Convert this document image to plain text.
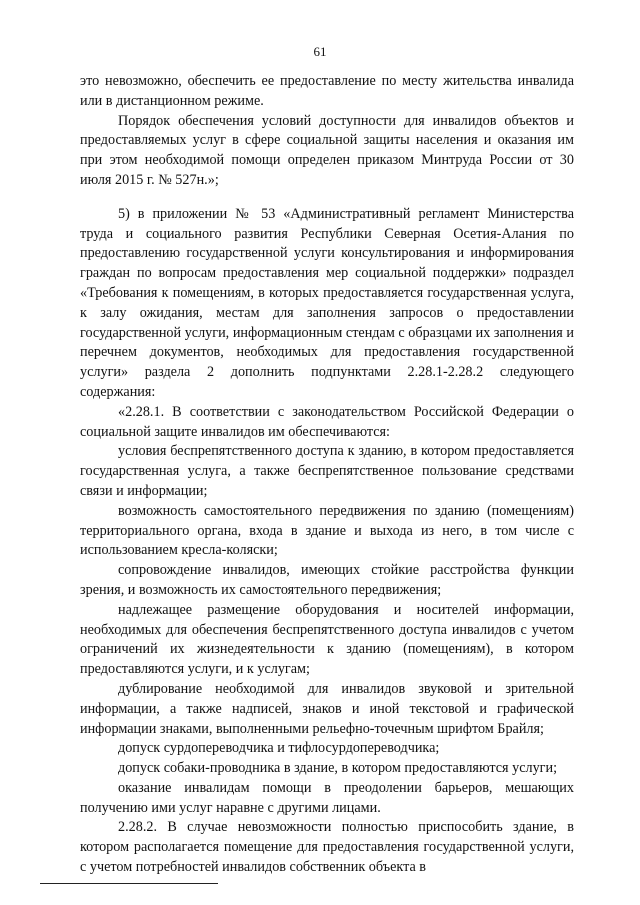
61

это невозможно, обеспечить ее предоставление по месту жительства инвалида или в дистанционном режиме.

Порядок обеспечения условий доступности для инвалидов объектов и предоставляемых услуг в сфере социальной защиты населения и оказания им при этом необходимой помощи определен приказом Минтруда России от 30 июля 2015 г. № 527н.»;

5) в приложении № 53 «Административный регламент Министерства труда и социального развития Республики Северная Осетия-Алания по предоставлению государственной услуги консультирования и информирования граждан по вопросам предоставления мер социальной поддержки» подраздел «Требования к помещениям, в которых предоставляется государственная услуга, к залу ожидания, местам для заполнения запросов о предоставлении государственной услуги, информационным стендам с образцами их заполнения и перечнем документов, необходимых для предоставления государственной услуги» раздела 2 дополнить подпунктами 2.28.1-2.28.2 следующего содержания:

«2.28.1. В соответствии с законодательством Российской Федерации о социальной защите инвалидов им обеспечиваются:

условия беспрепятственного доступа к зданию, в котором предоставляется государственная услуга, а также беспрепятственное пользование средствами связи и информации;

возможность самостоятельного передвижения по зданию (помещениям) территориального органа, входа в здание и выхода из него, в том числе с использованием кресла-коляски;

сопровождение инвалидов, имеющих стойкие расстройства функции зрения, и возможность их самостоятельного передвижения;

надлежащее размещение оборудования и носителей информации, необходимых для обеспечения беспрепятственного доступа инвалидов с учетом ограничений их жизнедеятельности к зданию (помещениям), в котором предоставляются услуги, и к услугам;

дублирование необходимой для инвалидов звуковой и зрительной информации, а также надписей, знаков и иной текстовой и графической информации знаками, выполненными рельефно-точечным шрифтом Брайля;

допуск сурдопереводчика и тифлосурдопереводчика;

допуск собаки-проводника в здание, в котором предоставляются услуги;

оказание инвалидам помощи в преодолении барьеров, мешающих получению ими услуг наравне с другими лицами.

2.28.2. В случае невозможности полностью приспособить здание, в котором располагается помещение для предоставления государственной услуги, с учетом потребностей инвалидов собственник объекта в
